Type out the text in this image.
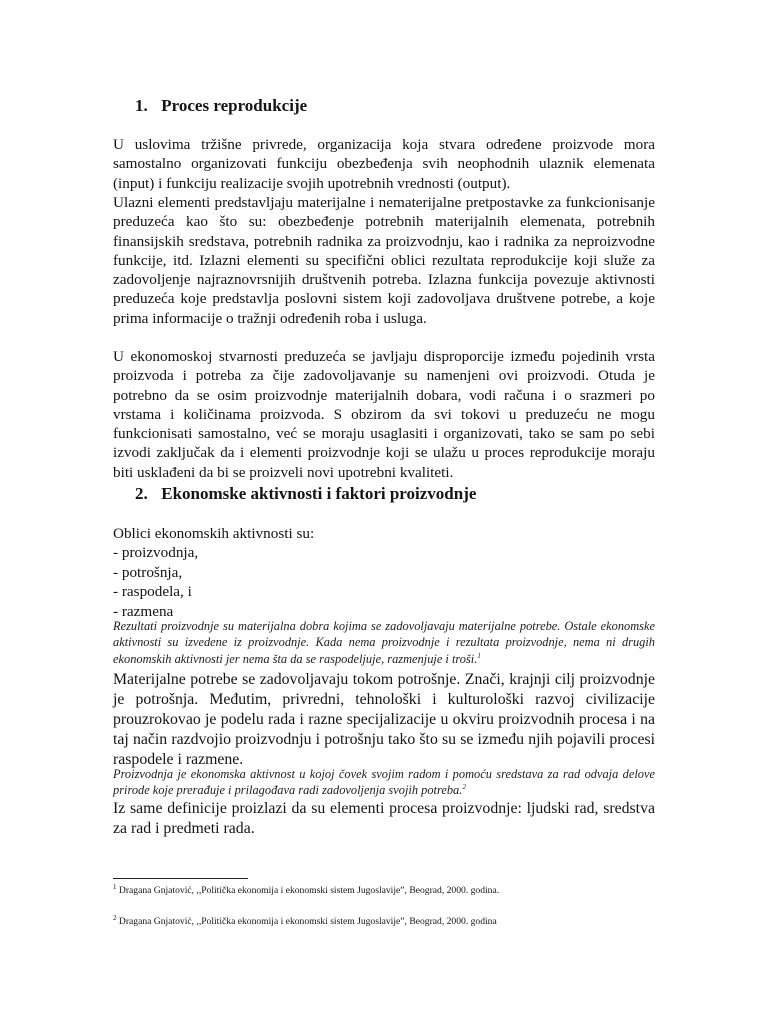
1. Proces reprodukcije

U uslovima tržišne privrede, organizacija koja stvara određene proizvode mora samostalno organizovati funkciju obezbeđenja svih neophodnih ulaznik elemenata (input) i funkciju realizacije svojih upotrebnih vrednosti (output).

Ulazni elementi predstavljaju materijalne i nematerijalne pretpostavke za funkcionisanje preduzeća kao što su: obezbeđenje potrebnih materijalnih elemenata, potrebnih finansijskih sredstava, potrebnih radnika za proizvodnju, kao i radnika za neproizvodne funkcije, itd. Izlazni elementi su specifični oblici rezultata reprodukcije koji služe za zadovoljenje najraznovrsnijih društvenih potreba. Izlazna funkcija povezuje aktivnosti preduzeća koje predstavlja poslovni sistem koji zadovoljava društvene potrebe, a koje prima informacije o tražnji određenih roba i usluga.

U ekonomoskoj stvarnosti preduzeća se javljaju disproporcije između pojedinih vrsta proizvoda i potreba za čije zadovoljavanje su namenjeni ovi proizvodi. Otuda je potrebno da se osim proizvodnje materijalnih dobara, vodi računa i o srazmeri po vrstama i količinama proizvoda. S obzirom da svi tokovi u preduzeću ne mogu funkcionisati samostalno, već se moraju usaglasiti i organizovati, tako se sam po sebi izvodi zaključak da i elementi proizvodnje koji se ulažu u proces reprodukcije moraju biti usklađeni da bi se proizveli novi upotrebni kvaliteti.

2. Ekonomske aktivnosti i faktori proizvodnje

Oblici ekonomskih aktivnosti su:

- proizvodnja,
- potrošnja,
- raspodela, i
- razmena

Rezultati proizvodnje su materijalna dobra kojima se zadovoljavaju materijalne potrebe. Ostale ekonomske aktivnosti su izvedene iz proizvodnje. Kada nema proizvodnje i rezultata proizvodnje, nema ni drugih ekonomskih aktivnosti jer nema šta da se raspodeljuje, razmenjuje i troši.$^1$

Materijalne potrebe se zadovoljavaju tokom potrošnje. Znači, krajnji cilj proizvodnje je potrošnja. Međutim, privredni, tehnološki i kulturološki razvoj civilizacije prouzrokovao je podelu rada i razne specijalizacije u okviru proizvodnih procesa i na taj način razdvojio proizvodnju i potrošnju tako što su se između njih pojavili procesi raspodele i razmene.

Proizvodnja je ekonomska aktivnost u kojoj čovek svojim radom i pomoću sredstava za rad odvaja delove prirode koje prerađuje i prilagođava radi zadovoljenja svojih potreba.$^2$

Iz same definicije proizlazi da su elementi procesa proizvodnje: ljudski rad, sredstva za rad i predmeti rada.

$^1$ Dragana Gnjatović, ,,Politička ekonomija i ekonomski sistem Jugoslavije”, Beograd, 2000. godina.

$^2$ Dragana Gnjatović, ,,Politička ekonomija i ekonomski sistem Jugoslavije”, Beograd, 2000. godina
